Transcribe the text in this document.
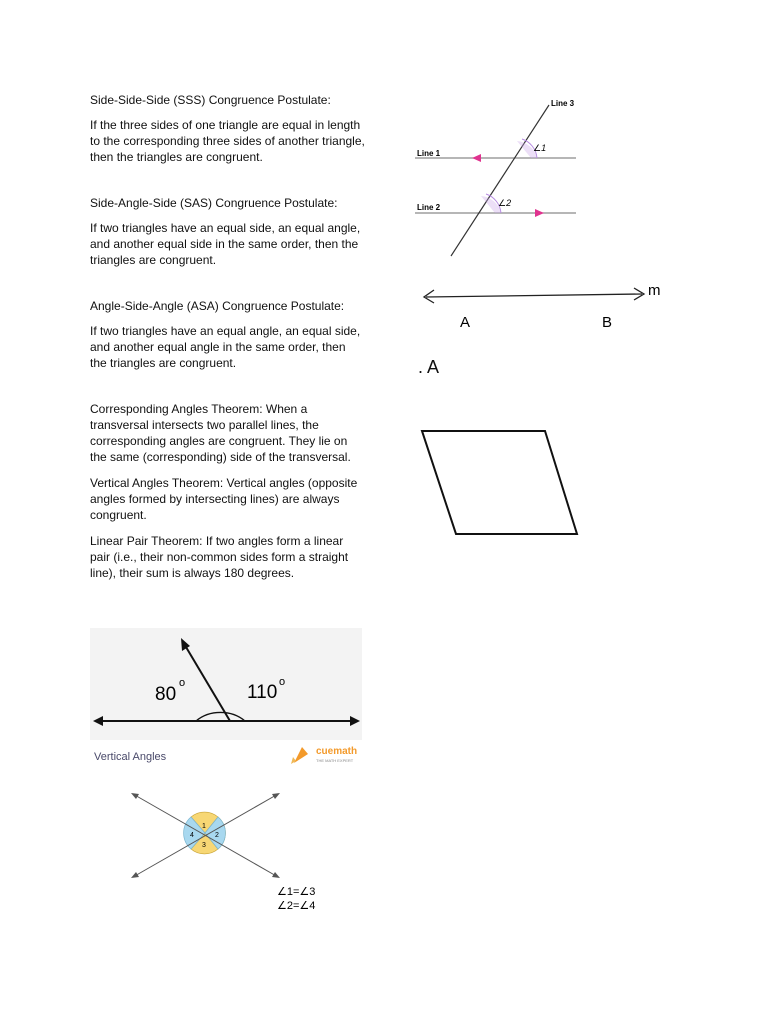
Side-Side-Side (SSS) Congruence Postulate:

If the three sides of one triangle are equal in length to the corresponding three sides of another triangle, then the triangles are congruent.

Side-Angle-Side (SAS) Congruence Postulate:

If two triangles have an equal side, an equal angle, and another equal side in the same order, then the triangles are congruent.

Angle-Side-Angle (ASA) Congruence Postulate:

If two triangles have an equal angle, an equal side, and another equal angle in the same order, then the triangles are congruent.

Corresponding Angles Theorem: When a transversal intersects two parallel lines, the corresponding angles are congruent. They lie on the same (corresponding) side of the transversal.

Vertical Angles Theorem: Vertical angles (opposite angles formed by intersecting lines) are always congruent.

Linear Pair Theorem: If two angles form a linear pair (i.e., their non-common sides form a straight line), their sum is always 180 degrees.

Line 3
Line 1
Line 2
∠1
∠2
m
A	B
. A
80
o	110 o
Vertical Angles	cuemath
THE MATH EXPERT
1
2
3
4
∠1=∠3
∠2=∠4
